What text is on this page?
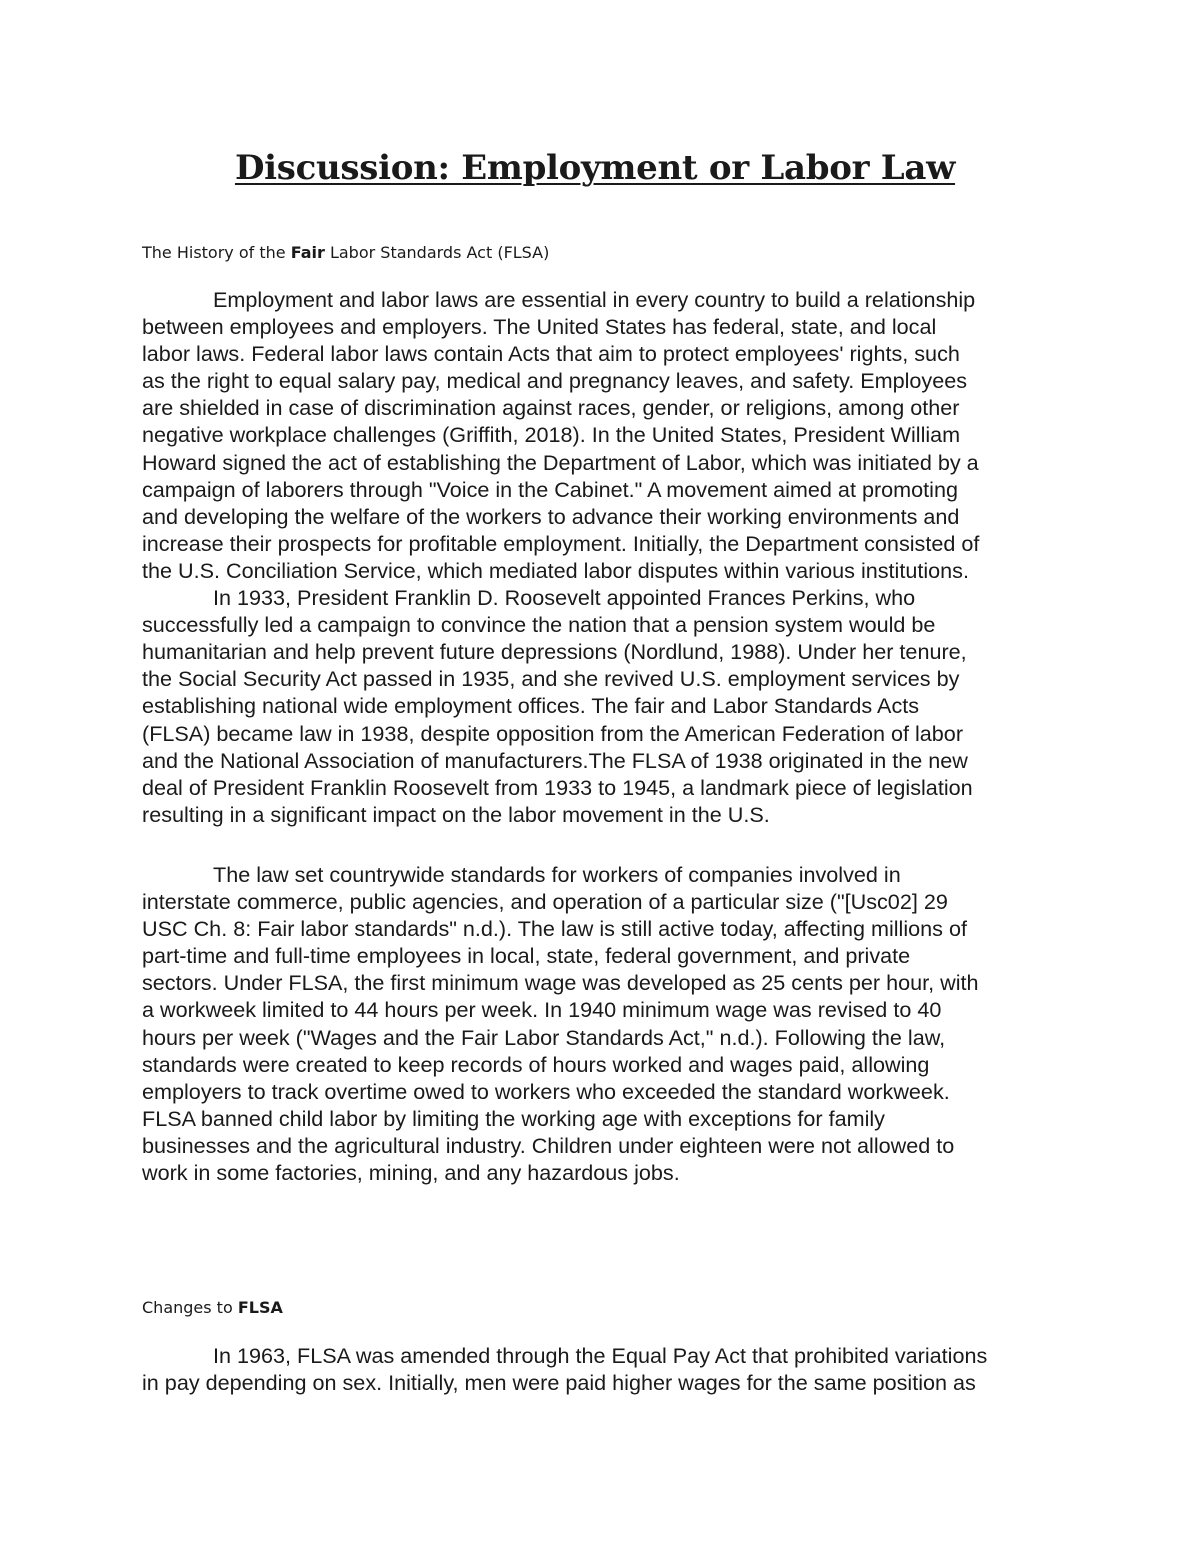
Discussion: Employment or Labor Law

The History of the Fair Labor Standards Act (FLSA)

Employment and labor laws are essential in every country to build a relationship
between employees and employers. The United States has federal, state, and local
labor laws. Federal labor laws contain Acts that aim to protect employees' rights, such
as the right to equal salary pay, medical and pregnancy leaves, and safety. Employees
are shielded in case of discrimination against races, gender, or religions, among other
negative workplace challenges (Griffith, 2018). In the United States, President William
Howard signed the act of establishing the Department of Labor, which was initiated by a
campaign of laborers through "Voice in the Cabinet." A movement aimed at promoting
and developing the welfare of the workers to advance their working environments and
increase their prospects for profitable employment. Initially, the Department consisted of
the U.S. Conciliation Service, which mediated labor disputes within various institutions.
In 1933, President Franklin D. Roosevelt appointed Frances Perkins, who
successfully led a campaign to convince the nation that a pension system would be
humanitarian and help prevent future depressions (Nordlund, 1988). Under her tenure,
the Social Security Act passed in 1935, and she revived U.S. employment services by
establishing national wide employment offices. The fair and Labor Standards Acts
(FLSA) became law in 1938, despite opposition from the American Federation of labor
and the National Association of manufacturers.The FLSA of 1938 originated in the new
deal of President Franklin Roosevelt from 1933 to 1945, a landmark piece of legislation
resulting in a significant impact on the labor movement in the U.S.
The law set countrywide standards for workers of companies involved in
interstate commerce, public agencies, and operation of a particular size ("[Usc02] 29
USC Ch. 8: Fair labor standards" n.d.). The law is still active today, affecting millions of
part-time and full-time employees in local, state, federal government, and private
sectors. Under FLSA, the first minimum wage was developed as 25 cents per hour, with
a workweek limited to 44 hours per week. In 1940 minimum wage was revised to 40
hours per week ("Wages and the Fair Labor Standards Act," n.d.). Following the law,
standards were created to keep records of hours worked and wages paid, allowing
employers to track overtime owed to workers who exceeded the standard workweek.
FLSA banned child labor by limiting the working age with exceptions for family
businesses and the agricultural industry. Children under eighteen were not allowed to
work in some factories, mining, and any hazardous jobs.

Changes to FLSA

In 1963, FLSA was amended through the Equal Pay Act that prohibited variations
in pay depending on sex. Initially, men were paid higher wages for the same position as
